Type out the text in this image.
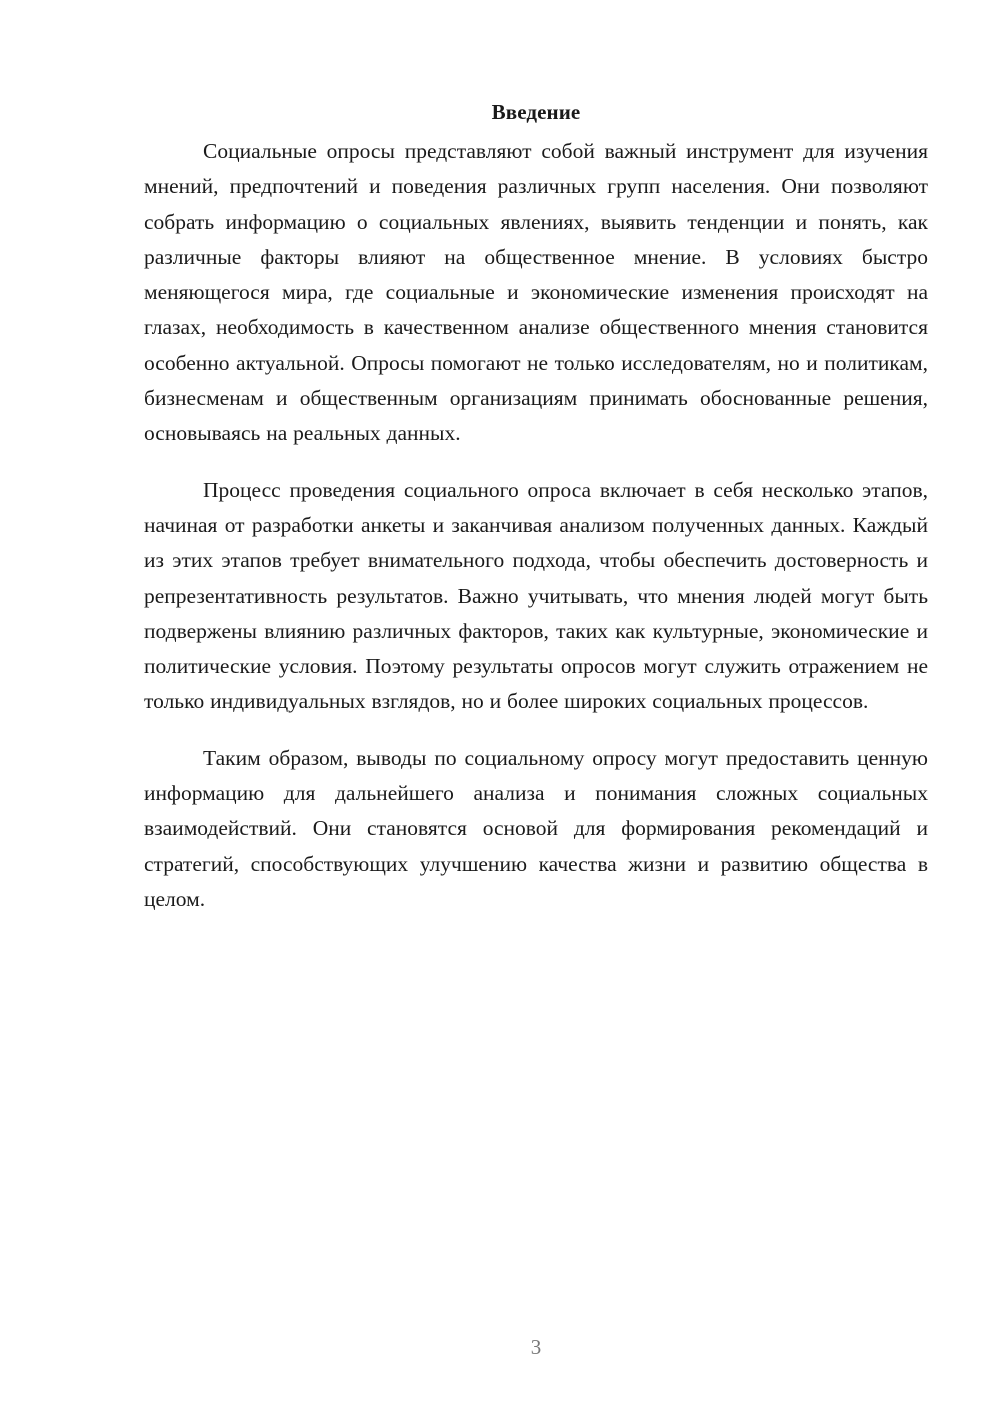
Введение

Социальные опросы представляют собой важный инструмент для изучения мнений, предпочтений и поведения различных групп населения. Они позволяют собрать информацию о социальных явлениях, выявить тенденции и понять, как различные факторы влияют на общественное мнение. В условиях быстро меняющегося мира, где социальные и экономические изменения происходят на глазах, необходимость в качественном анализе общественного мнения становится особенно актуальной. Опросы помогают не только исследователям, но и политикам, бизнесменам и общественным организациям принимать обоснованные решения, основываясь на реальных данных.

Процесс проведения социального опроса включает в себя несколько этапов, начиная от разработки анкеты и заканчивая анализом полученных данных. Каждый из этих этапов требует внимательного подхода, чтобы обеспечить достоверность и репрезентативность результатов. Важно учитывать, что мнения людей могут быть подвержены влиянию различных факторов, таких как культурные, экономические и политические условия. Поэтому результаты опросов могут служить отражением не только индивидуальных взглядов, но и более широких социальных процессов.

Таким образом, выводы по социальному опросу могут предоставить ценную информацию для дальнейшего анализа и понимания сложных социальных взаимодействий. Они становятся основой для формирования рекомендаций и стратегий, способствующих улучшению качества жизни и развитию общества в целом.

3
